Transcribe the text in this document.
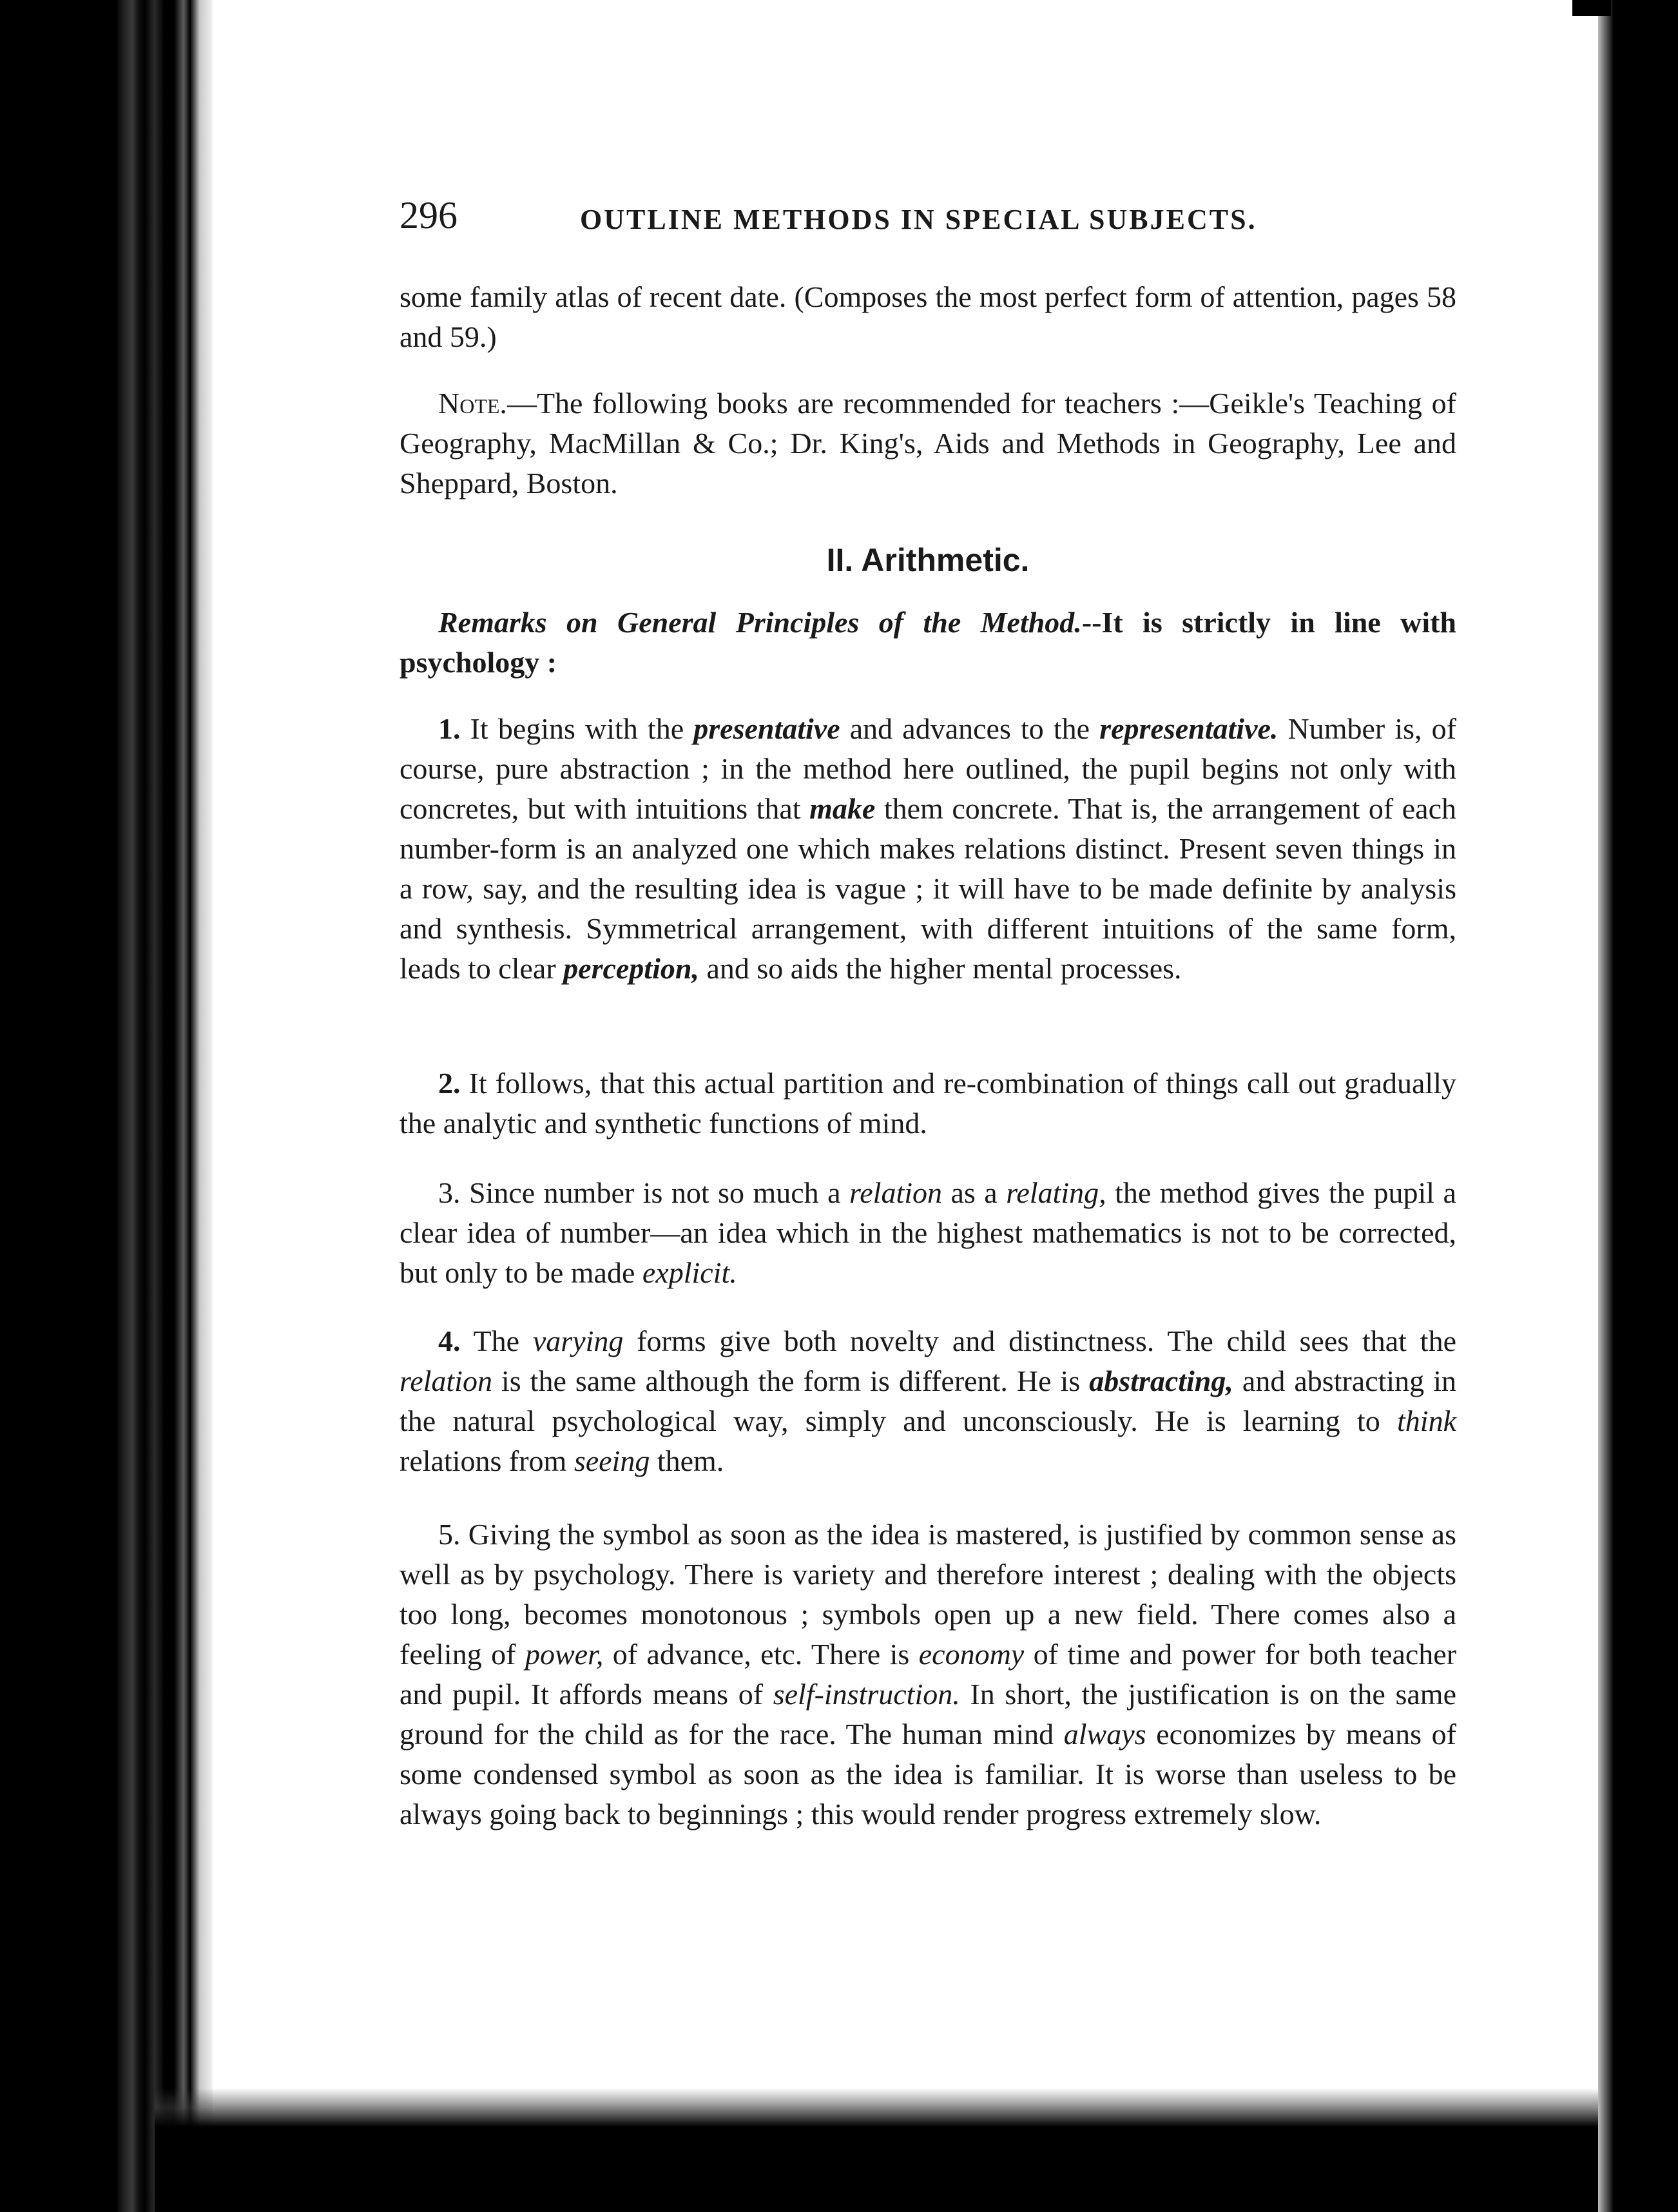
296	OUTLINE METHODS IN SPECIAL SUBJECTS.

some family atlas of recent date. (Composes the most perfect form of attention, pages 58 and 59.)

Note.—The following books are recommended for teachers :—Geikle's Teaching of Geography, MacMillan & Co.; Dr. King's, Aids and Methods in Geography, Lee and Sheppard, Boston.

II. Arithmetic.

Remarks on General Principles of the Method.--It is strictly in line with psychology :

1. It begins with the presentative and advances to the representative. Number is, of course, pure abstraction ; in the method here outlined, the pupil begins not only with concretes, but with intuitions that make them concrete. That is, the arrangement of each number-form is an analyzed one which makes relations distinct. Present seven things in a row, say, and the resulting idea is vague ; it will have to be made definite by analysis and synthesis. Symmetrical arrangement, with different intuitions of the same form, leads to clear perception, and so aids the higher mental processes.

2. It follows, that this actual partition and re-combination of things call out gradually the analytic and synthetic functions of mind.

3. Since number is not so much a relation as a relating, the method gives the pupil a clear idea of number—an idea which in the highest mathematics is not to be corrected, but only to be made explicit.

4. The varying forms give both novelty and distinctness. The child sees that the relation is the same although the form is different. He is abstracting, and abstracting in the natural psychological way, simply and unconsciously. He is learning to think relations from seeing them.

5. Giving the symbol as soon as the idea is mastered, is justified by common sense as well as by psychology. There is variety and therefore interest ; dealing with the objects too long, becomes monotonous ; symbols open up a new field. There comes also a feeling of power, of advance, etc. There is economy of time and power for both teacher and pupil. It affords means of self-instruction. In short, the justification is on the same ground for the child as for the race. The human mind always economizes by means of some condensed symbol as soon as the idea is familiar. It is worse than useless to be always going back to beginnings ; this would render progress extremely slow.
